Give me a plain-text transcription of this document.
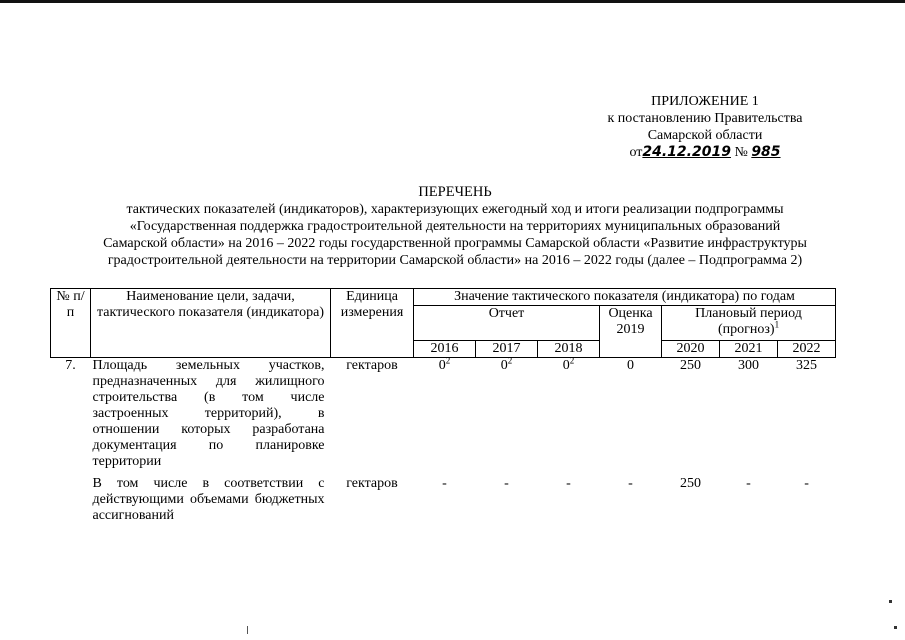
ПРИЛОЖЕНИЕ 1
к постановлению Правительства
Самарской области
от24.12.2019 № 985
ПЕРЕЧЕНЬ
тактических показателей (индикаторов), характеризующих ежегодный ход и итоги реализации подпрограммы
«Государственная поддержка градостроительной деятельности на территориях муниципальных образований
Самарской области» на 2016 – 2022 годы государственной программы Самарской области «Развитие инфраструктуры
градостроительной деятельности на территории Самарской области» на 2016 – 2022 годы (далее – Подпрограмма 2)
№ п/п	Наименование цели, задачи, тактического показателя (индикатора)	Единица измерения	Значение тактического показателя (индикатора) по годам						
			Отчет			Оценка 2019	Плановый период (прогноз)$^1$
			2016	2017	2018		2020	2021	2022
7.	Площадь земельных участков, предназначенных для жилищного строительства (в том числе застроенных территорий), в отношении которых разработана документация по планировке территории	гектаров	$0^2$	$0^2$	$0^2$	0	250	300	325
	В том числе в соответствии с действующими объемами бюджетных ассигнований	гектаров	-	-	-	-	250	-	-
